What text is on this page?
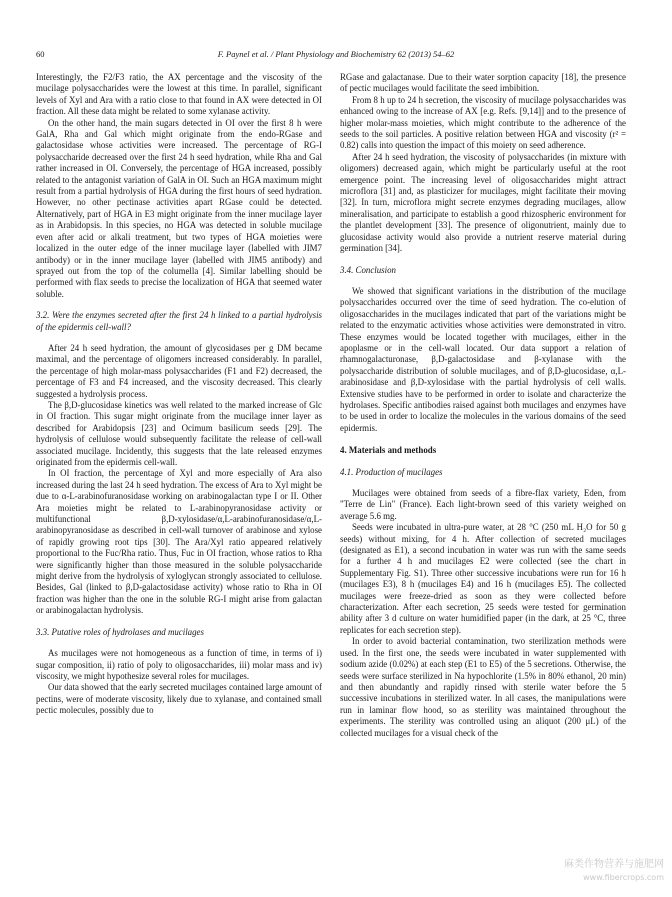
60	F. Paynel et al. / Plant Physiology and Biochemistry 62 (2013) 54–62

Interestingly, the F2/F3 ratio, the AX percentage and the viscosity of the mucilage polysaccharides were the lowest at this time. In parallel, significant levels of Xyl and Ara with a ratio close to that found in AX were detected in OI fraction. All these data might be related to some xylanase activity.

On the other hand, the main sugars detected in OI over the first 8 h were GalA, Rha and Gal which might originate from the endo-RGase and galactosidase whose activities were increased. The percentage of RG-I polysaccharide decreased over the first 24 h seed hydration, while Rha and Gal rather increased in OI. Conversely, the percentage of HGA increased, possibly related to the antagonist variation of GalA in OI. Such an HGA maximum might result from a partial hydrolysis of HGA during the first hours of seed hydration. However, no other pectinase activities apart RGase could be detected. Alternatively, part of HGA in E3 might originate from the inner mucilage layer as in Arabidopsis. In this species, no HGA was detected in soluble mucilage even after acid or alkali treatment, but two types of HGA moieties were localized in the outer edge of the inner mucilage layer (labelled with JIM7 antibody) or in the inner mucilage layer (labelled with JIM5 antibody) and sprayed out from the top of the columella [4]. Similar labelling should be performed with flax seeds to precise the localization of HGA that seemed water soluble.

3.2. Were the enzymes secreted after the first 24 h linked to a partial hydrolysis of the epidermis cell-wall?

After 24 h seed hydration, the amount of glycosidases per g DM became maximal, and the percentage of oligomers increased considerably. In parallel, the percentage of high molar-mass polysaccharides (F1 and F2) decreased, the percentage of F3 and F4 increased, and the viscosity decreased. This clearly suggested a hydrolysis process.

The β,D-glucosidase kinetics was well related to the marked increase of Glc in OI fraction. This sugar might originate from the mucilage inner layer as described for Arabidopsis [23] and Ocimum basilicum seeds [29]. The hydrolysis of cellulose would subsequently facilitate the release of cell-wall associated mucilage. Incidently, this suggests that the late released enzymes originated from the epidermis cell-wall.

In OI fraction, the percentage of Xyl and more especially of Ara also increased during the last 24 h seed hydration. The excess of Ara to Xyl might be due to α-L-arabinofuranosidase working on arabinogalactan type I or II. Other Ara moieties might be related to L-arabinopyranosidase activity or multifunctional β,D-xylosidase/α,L-arabinofuranosidase/α,L-arabinopyranosidase as described in cell-wall turnover of arabinose and xylose of rapidly growing root tips [30]. The Ara/Xyl ratio appeared relatively proportional to the Fuc/Rha ratio. Thus, Fuc in OI fraction, whose ratios to Rha were significantly higher than those measured in the soluble polysaccharide might derive from the hydrolysis of xyloglycan strongly associated to cellulose. Besides, Gal (linked to β,D-galactosidase activity) whose ratio to Rha in OI fraction was higher than the one in the soluble RG-I might arise from galactan or arabinogalactan hydrolysis.

3.3. Putative roles of hydrolases and mucilages

As mucilages were not homogeneous as a function of time, in terms of i) sugar composition, ii) ratio of poly to oligosaccharides, iii) molar mass and iv) viscosity, we might hypothesize several roles for mucilages.

Our data showed that the early secreted mucilages contained large amount of pectins, were of moderate viscosity, likely due to xylanase, and contained small pectic molecules, possibly due to

RGase and galactanase. Due to their water sorption capacity [18], the presence of pectic mucilages would facilitate the seed imbibition.

From 8 h up to 24 h secretion, the viscosity of mucilage polysaccharides was enhanced owing to the increase of AX [e.g. Refs. [9,14]] and to the presence of higher molar-mass moieties, which might contribute to the adherence of the seeds to the soil particles. A positive relation between HGA and viscosity (r² = 0.82) calls into question the impact of this moiety on seed adherence.

After 24 h seed hydration, the viscosity of polysaccharides (in mixture with oligomers) decreased again, which might be particularly useful at the root emergence point. The increasing level of oligosaccharides might attract microflora [31] and, as plasticizer for mucilages, might facilitate their moving [32]. In turn, microflora might secrete enzymes degrading mucilages, allow mineralisation, and participate to establish a good rhizospheric environment for the plantlet development [33]. The presence of oligonutrient, mainly due to glucosidase activity would also provide a nutrient reserve material during germination [34].

3.4. Conclusion

We showed that significant variations in the distribution of the mucilage polysaccharides occurred over the time of seed hydration. The co-elution of oligosaccharides in the mucilages indicated that part of the variations might be related to the enzymatic activities whose activities were demonstrated in vitro. These enzymes would be located together with mucilages, either in the apoplasme or in the cell-wall located. Our data support a relation of rhamnogalacturonase, β,D-galactosidase and β-xylanase with the polysaccharide distribution of soluble mucilages, and of β,D-glucosidase, α,L-arabinosidase and β,D-xylosidase with the partial hydrolysis of cell walls. Extensive studies have to be performed in order to isolate and characterize the hydrolases. Specific antibodies raised against both mucilages and enzymes have to be used in order to localize the molecules in the various domains of the seed epidermis.

4. Materials and methods
4.1. Production of mucilages

Mucilages were obtained from seeds of a fibre-flax variety, Eden, from "Terre de Lin" (France). Each light-brown seed of this variety weighed on average 5.6 mg.

Seeds were incubated in ultra-pure water, at 28 °C (250 mL H₂O for 50 g seeds) without mixing, for 4 h. After collection of secreted mucilages (designated as E1), a second incubation in water was run with the same seeds for a further 4 h and mucilages E2 were collected (see the chart in Supplementary Fig. S1). Three other successive incubations were run for 16 h (mucilages E3), 8 h (mucilages E4) and 16 h (mucilages E5). The collected mucilages were freeze-dried as soon as they were collected before characterization. After each secretion, 25 seeds were tested for germination ability after 3 d culture on water humidified paper (in the dark, at 25 °C, three replicates for each secretion step).

In order to avoid bacterial contamination, two sterilization methods were used. In the first one, the seeds were incubated in water supplemented with sodium azide (0.02%) at each step (E1 to E5) of the 5 secretions. Otherwise, the seeds were surface sterilized in Na hypochlorite (1.5% in 80% ethanol, 20 min) and then abundantly and rapidly rinsed with sterile water before the 5 successive incubations in sterilized water. In all cases, the manipulations were run in laminar flow hood, so as sterility was maintained throughout the experiments. The sterility was controlled using an aliquot (200 μL) of the collected mucilages for a visual check of the

麻类作物营养与施肥网
www.fibercrops.com
